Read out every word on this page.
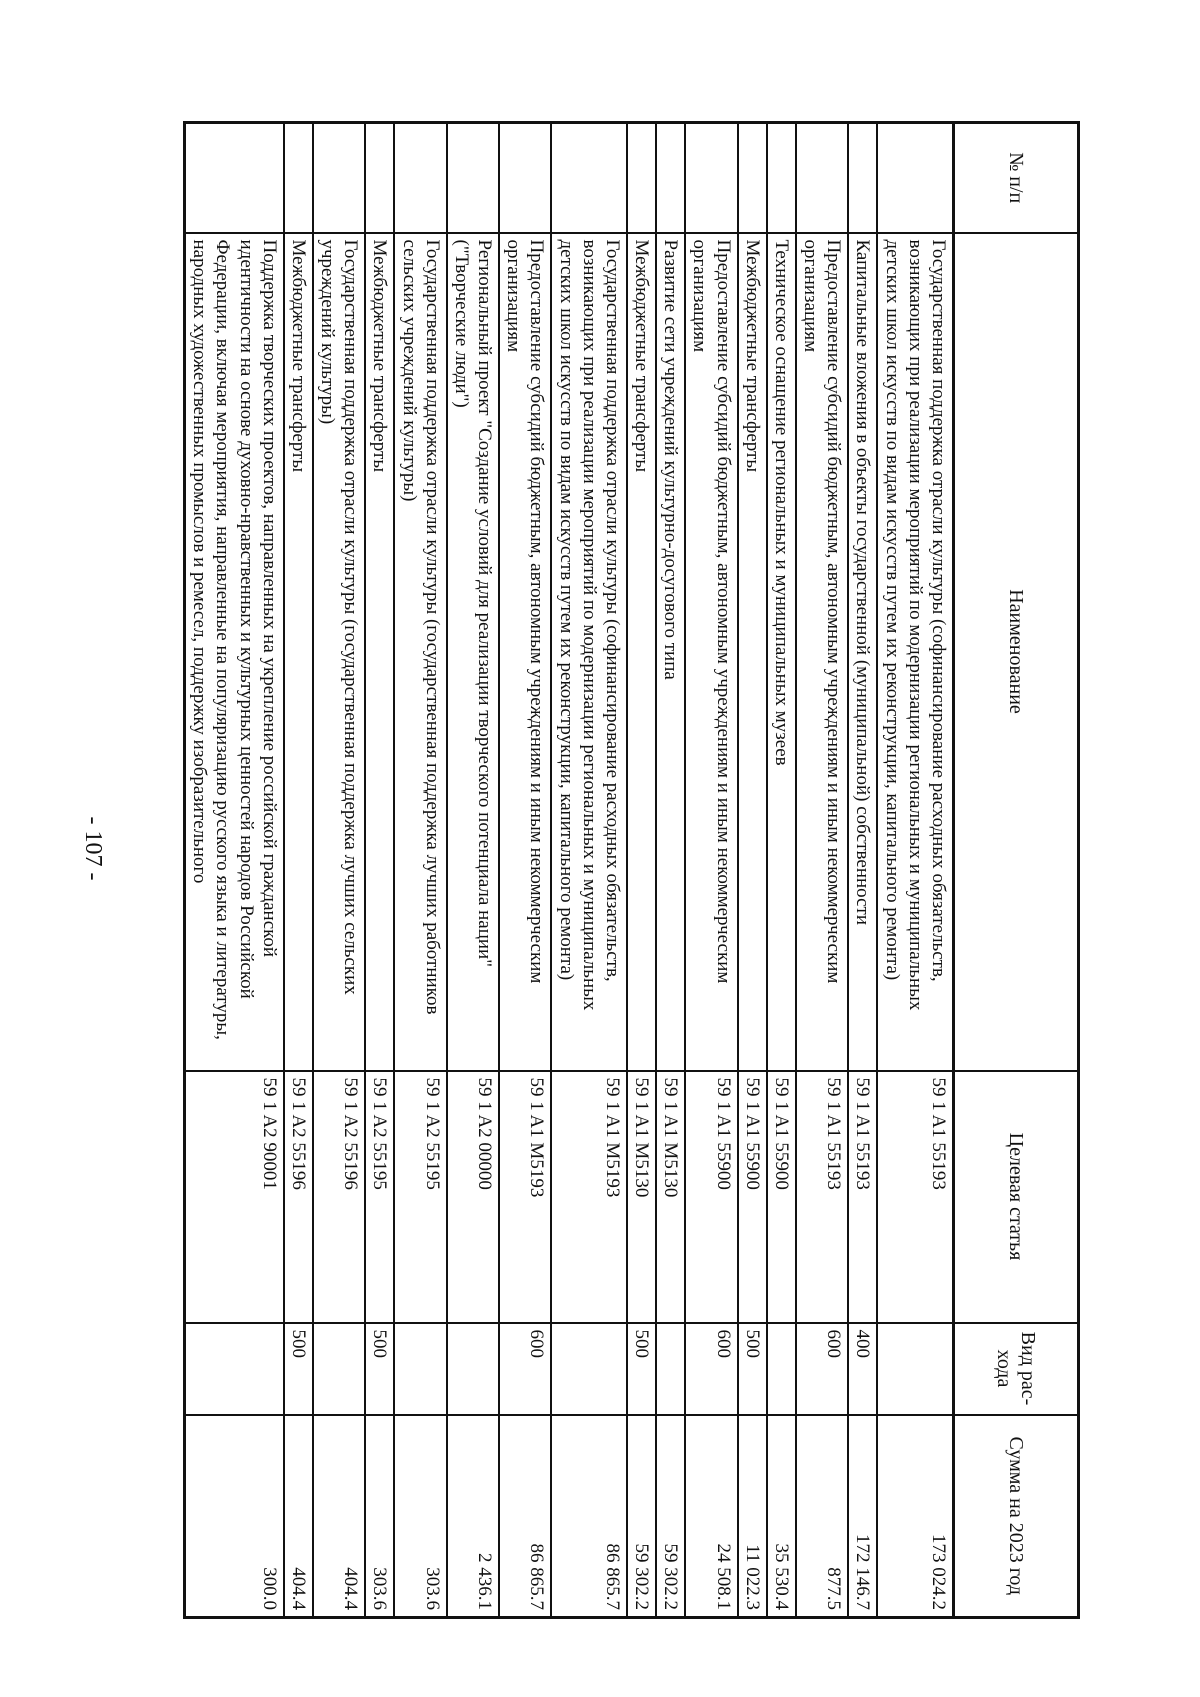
- 107 -
№ п/п	Наименование	Целевая статья	Вид рас-хода	Сумма на 2023 год
	Государственная поддержка отрасли культуры (софинансирование расходных обязательств, возникающих при реализации мероприятий по модернизации региональных и муниципальных детских школ искусств по видам искусств путем их реконструкции, капитального ремонта)	59 1 A1 55193		173 024.2
	Капитальные вложения в объекты государственной (муниципальной) собственности	59 1 A1 55193	400	172 146.7
	Предоставление субсидий бюджетным, автономным учреждениям и иным некоммерческим организациям	59 1 A1 55193	600	877.5
	Техническое оснащение региональных и муниципальных музеев	59 1 A1 55900		35 530.4
	Межбюджетные трансферты	59 1 A1 55900	500	11 022.3
	Предоставление субсидий бюджетным, автономным учреждениям и иным некоммерческим организациям	59 1 A1 55900	600	24 508.1
	Развитие сети учреждений культурно-досугового типа	59 1 A1 M5130		59 302.2
	Межбюджетные трансферты	59 1 A1 M5130	500	59 302.2
	Государственная поддержка отрасли культуры (софинансирование расходных обязательств, возникающих при реализации мероприятий по модернизации региональных и муниципальных детских школ искусств по видам искусств путем их реконструкции, капитального ремонта)	59 1 A1 M5193		86 865.7
	Предоставление субсидий бюджетным, автономным учреждениям и иным некоммерческим организациям	59 1 A1 M5193	600	86 865.7
	Региональный проект "Создание условий для реализации творческого потенциала нации" ("Творческие люди")	59 1 A2 00000		2 436.1
	Государственная поддержка отрасли культуры (государственная поддержка лучших работников сельских учреждений культуры)	59 1 A2 55195		303.6
	Межбюджетные трансферты	59 1 A2 55195	500	303.6
	Государственная поддержка отрасли культуры (государственная поддержка лучших сельских учреждений культуры)	59 1 A2 55196		404.4
	Межбюджетные трансферты	59 1 A2 55196	500	404.4
	Поддержка творческих проектов, направленных на укрепление российской гражданской идентичности на основе духовно-нравственных и культурных ценностей народов Российской Федерации, включая мероприятия, направленные на популяризацию русского языка и литературы, народных художественных промыслов и ремесел, поддержку изобразительного	59 1 A2 90001		300.0
